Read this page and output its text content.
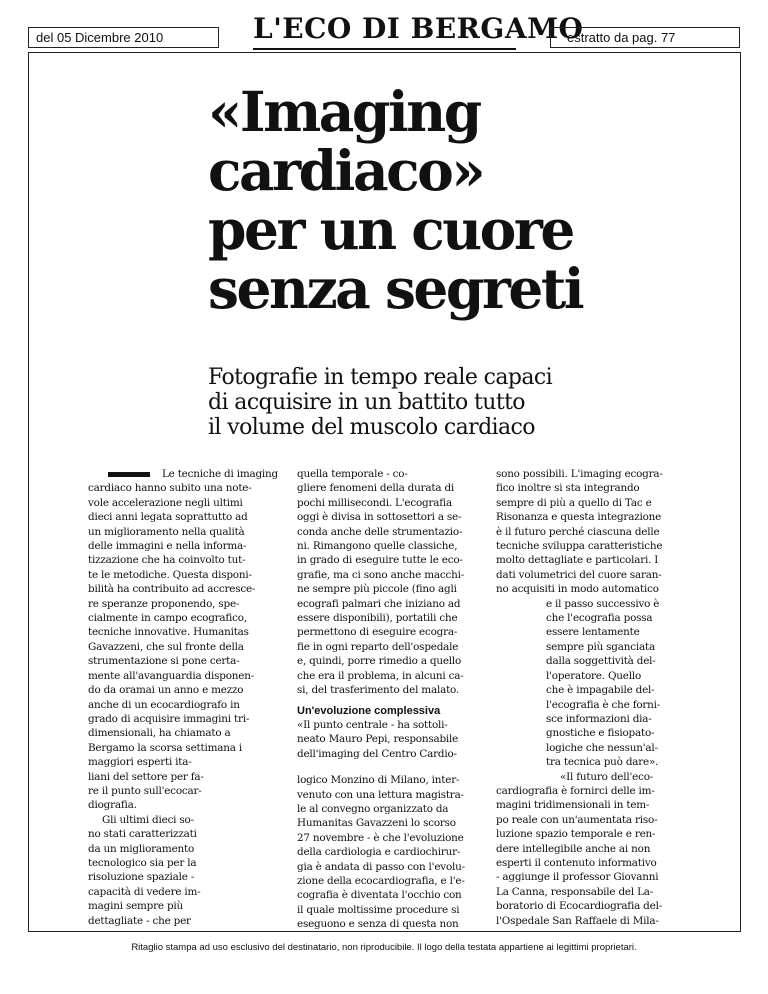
del 05 Dicembre 2010	L'ECO DI BERGAMO
estratto da pag. 77
«Imaging
cardiaco»
per un cuore
senza segreti
Fotografie in tempo reale capaci
di acquisire in un battito tutto
il volume del muscolo cardiaco
Le tecniche di imaging
cardiaco hanno subito una note-
vole accelerazione negli ultimi
dieci anni legata soprattutto ad
un miglioramento nella qualità
delle immagini e nella informa-
tizzazione che ha coinvolto tut-
te le metodiche. Questa disponi-
bilità ha contribuito ad accresce-
re speranze proponendo, spe-
cialmente in campo ecografico,
tecniche innovative. Humanitas
Gavazzeni, che sul fronte della
strumentazione si pone certa-
mente all'avanguardia disponen-
do da oramai un anno e mezzo
anche di un ecocardiografo in
grado di acquisire immagini tri-
dimensionali, ha chiamato a
Bergamo la scorsa settimana i
maggiori esperti ita-
liani del settore per fa-
re il punto sull'ecocar-
diografia.
Gli ultimi dieci so-
no stati caratterizzati
da un miglioramento
tecnologico sia per la
risoluzione spaziale -
capacità di vedere im-
magini sempre più
dettagliate - che per
quella temporale - co-
gliere fenomeni della durata di
pochi millisecondi. L'ecografia
oggi è divisa in sottosettori a se-
conda anche delle strumentazio-
ni. Rimangono quelle classiche,
in grado di eseguire tutte le eco-
grafie, ma ci sono anche macchi-
ne sempre più piccole (fino agli
ecografi palmari che iniziano ad
essere disponibili), portatili che
permettono di eseguire ecogra-
fie in ogni reparto dell'ospedale
e, quindi, porre rimedio a quello
che era il problema, in alcuni ca-
si, del trasferimento del malato.
Un'evoluzione complessiva
«Il punto centrale - ha sottoli-
neato Mauro Pepi, responsabile
dell'imaging del Centro Cardio-
logico Monzino di Milano, inter-
venuto con una lettura magistra-
le al convegno organizzato da
Humanitas Gavazzeni lo scorso
27 novembre - è che l'evoluzione
della cardiologia e cardiochirur-
gia è andata di passo con l'evolu-
zione della ecocardiografia, e l'e-
cografia è diventata l'occhio con
il quale moltissime procedure si
eseguono e senza di questa non
sono possibili. L'imaging ecogra-
fico inoltre si sta integrando
sempre di più a quello di Tac e
Risonanza e questa integrazione
è il futuro perché ciascuna delle
tecniche sviluppa caratteristiche
molto dettagliate e particolari. I
dati volumetrici del cuore saran-
no acquisiti in modo automatico
e il passo successivo è
che l'ecografia possa
essere lentamente
sempre più sganciata
dalla soggettività del-
l'operatore. Quello
che è impagabile del-
l'ecografia è che forni-
sce informazioni dia-
gnostiche e fisiopato-
logiche che nessun'al-
tra tecnica può dare».
«Il futuro dell'eco-
cardiografia è fornirci delle im-
magini tridimensionali in tem-
po reale con un'aumentata riso-
luzione spazio temporale e ren-
dere intellegibile anche ai non
esperti il contenuto informativo
- aggiunge il professor Giovanni
La Canna, responsabile del La-
boratorio di Ecocardiografia del-
l'Ospedale San Raffaele di Mila-
Ritaglio stampa ad uso esclusivo del destinatario, non riproducibile. Il logo della testata appartiene ai legittimi proprietari.
